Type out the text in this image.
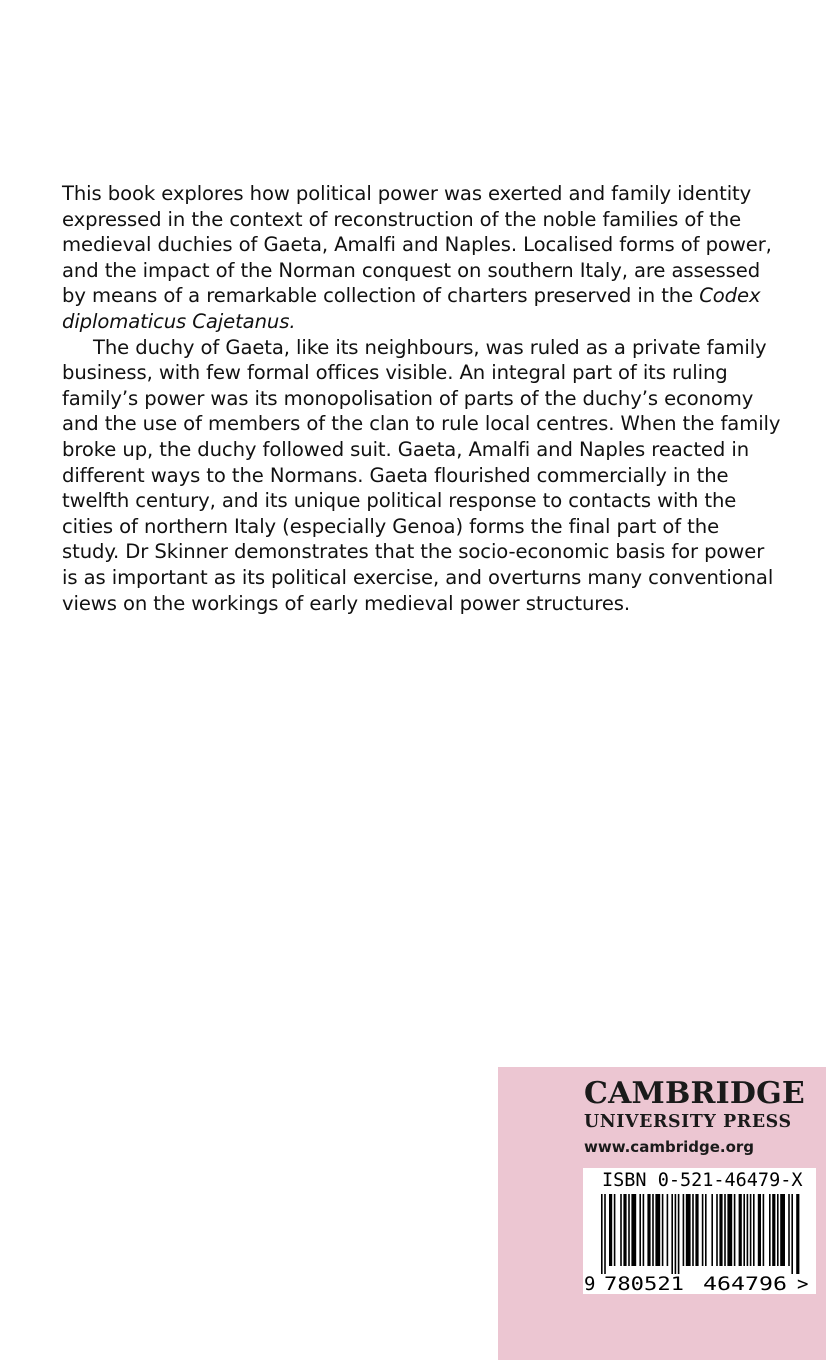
This book explores how political power was exerted and family identity expressed in the context of reconstruction of the noble families of the medieval duchies of Gaeta, Amalfi and Naples. Localised forms of power, and the impact of the Norman conquest on southern Italy, are assessed by means of a remarkable collection of charters preserved in the Codex diplomaticus Cajetanus.

The duchy of Gaeta, like its neighbours, was ruled as a private family business, with few formal offices visible. An integral part of its ruling family’s power was its monopolisation of parts of the duchy’s economy and the use of members of the clan to rule local centres. When the family broke up, the duchy followed suit. Gaeta, Amalfi and Naples reacted in different ways to the Normans. Gaeta flourished commercially in the twelfth century, and its unique political response to contacts with the cities of northern Italy (especially Genoa) forms the final part of the study. Dr Skinner demonstrates that the socio-economic basis for power is as important as its political exercise, and overturns many conventional views on the workings of early medieval power structures.

CAMBRIDGE
UNIVERSITY PRESS
www.cambridge.org
ISBN 0-521-46479-X
9 780521 464796 >
